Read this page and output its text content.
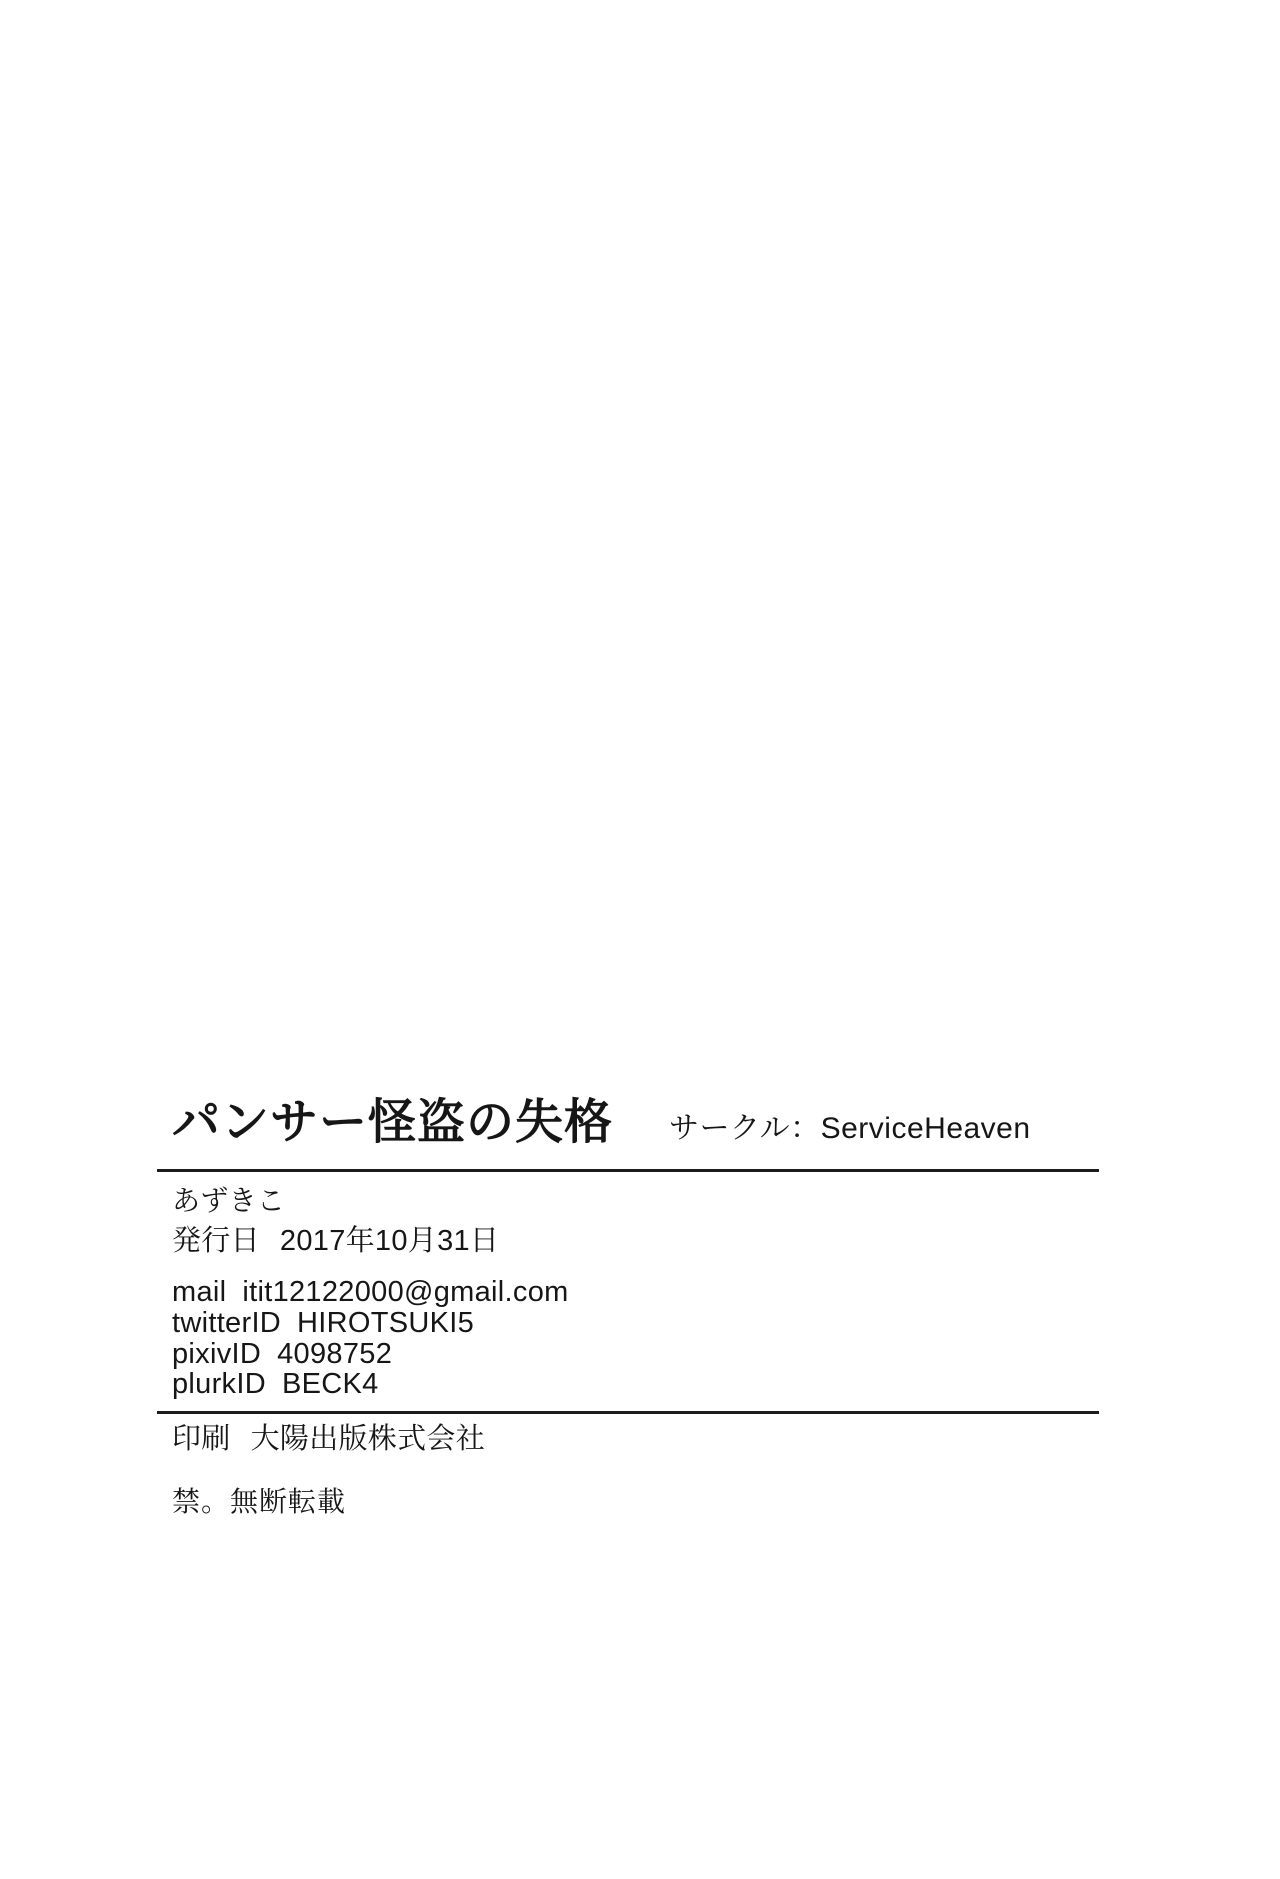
パンサー怪盗の失格 サークル：ServiceHeaven
あずきこ
発行日 2017年10月31日
mail itit12122000@gmail.com
twitterID HIROTSUKI5
pixivID 4098752
plurkID BECK4
印刷 大陽出版株式会社
禁。無断転載
